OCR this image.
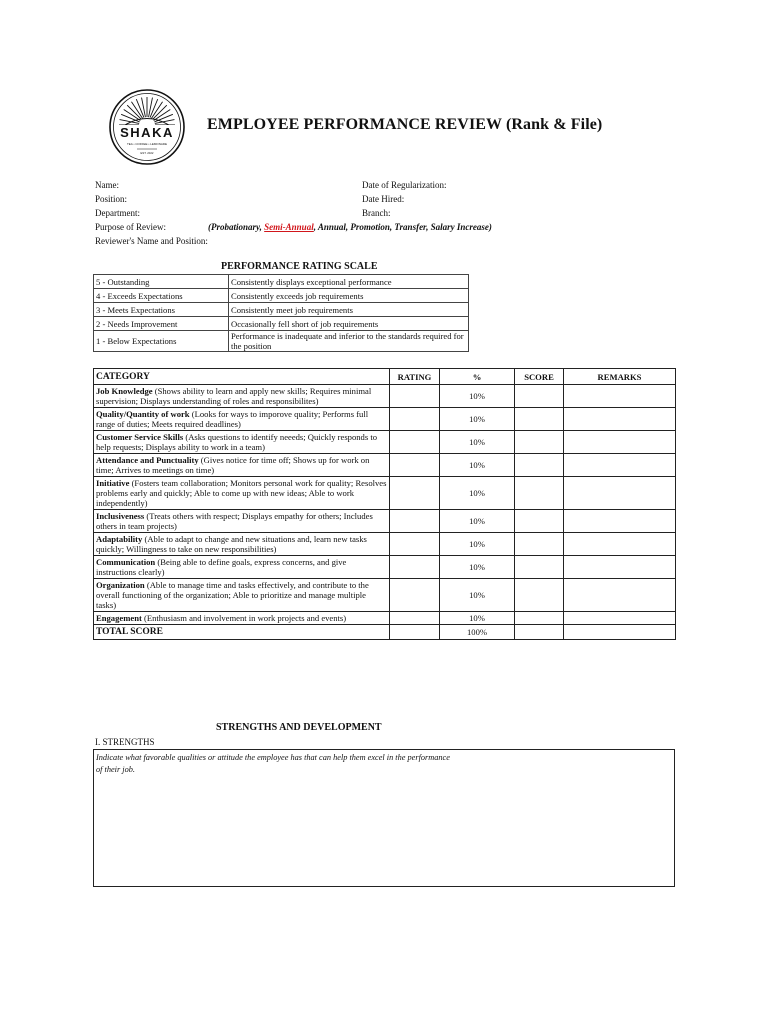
SHAKA
TEA • COFFEE • LEMONADE
EST. 2022
EMPLOYEE PERFORMANCE REVIEW (Rank & File)
Name:	Date of Regularization:
Position:	Date Hired:
Department:	Branch:
Purpose of Review:	(Probationary, Semi-Annual, Annual, Promotion, Transfer, Salary Increase)
Reviewer's Name and Position:
PERFORMANCE RATING SCALE
5 - Outstanding	Consistently displays exceptional performance
4 - Exceeds Expectations	Consistently exceeds job requirements
3 - Meets Expectations	Consistently meet job requirements
2 - Needs Improvement	Occasionally fell short of job requirements
1 - Below Expectations	Performance is inadequate and inferior to the standards required for the position
CATEGORY	RATING	%	SCORE	REMARKS
Job Knowledge (Shows ability to learn and apply new skills; Requires minimal supervision; Displays understanding of roles and responsibilites)		10%		
Quality/Quantity of work (Looks for ways to imporove quality; Performs full range of duties; Meets required deadlines)		10%		
Customer Service Skills (Asks questions to identify neeeds; Quickly responds to help requests; Displays ability to work in a team)		10%		
Attendance and Punctuality (Gives notice for time off; Shows up for work on time; Arrives to meetings on time)		10%		
Initiative (Fosters team collaboration; Monitors personal work for quality; Resolves problems early and quickly; Able to come up with new ideas; Able to work independently)		10%		
Inclusiveness (Treats others with respect; Displays empathy for others; Includes others in team projects)		10%		
Adaptability (Able to adapt to change and new situations and, learn new tasks quickly; Willingness to take on new responsibilities)		10%		
Communication (Being able to define goals, express concerns, and give instructions clearly)		10%		
Organization (Able to manage time and tasks effectively, and contribute to the overall functioning of the organization; Able to prioritize and manage multiple tasks)		10%		
Engagement (Enthusiasm and involvement in work projects and events)		10%		
TOTAL SCORE		100%		
STRENGTHS AND DEVELOPMENT
I. STRENGTHS
Indicate what favorable qualities or attitude the employee has that can help them excel in the performance of their job.
